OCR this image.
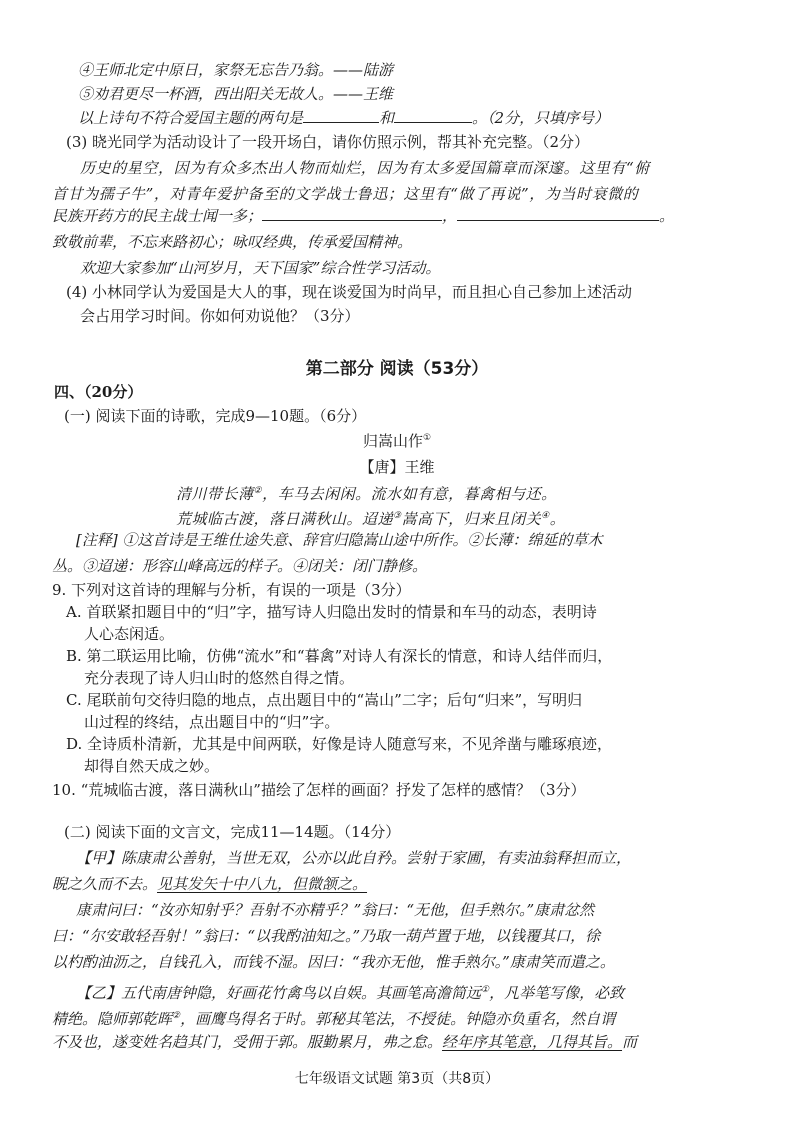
④王师北定中原日，家祭无忘告乃翁。——陆游
⑤劝君更尽一杯酒，西出阳关无故人。——王维
以上诗句不符合爱国主题的两句是	和	。（2分，只填序号）
(3) 晓光同学为活动设计了一段开场白，请你仿照示例，帮其补充完整。（2分）
历史的星空，因为有众多杰出人物而灿烂，因为有太多爱国篇章而深邃。这里有“俯
首甘为孺子牛”，对青年爱护备至的文学战士鲁迅；这里有“做了再说”，为当时衰微的
民族开药方的民主战士闻一多；	，	。
致敬前辈，不忘来路初心；咏叹经典，传承爱国精神。
欢迎大家参加“山河岁月，天下国家”综合性学习活动。
(4) 小林同学认为爱国是大人的事，现在谈爱国为时尚早，而且担心自己参加上述活动
会占用学习时间。你如何劝说他？（3分）
第二部分 阅读（53分）
四、（20分）
(一) 阅读下面的诗歌，完成9—10题。（6分）
归嵩山作①
【唐】王维
清川带长薄②，车马去闲闲。流水如有意，暮禽相与还。
荒城临古渡，落日满秋山。迢递③嵩高下，归来且闭关④。
[注释] ①这首诗是王维仕途失意、辞官归隐嵩山途中所作。②长薄：绵延的草木
丛。③迢递：形容山峰高远的样子。④闭关：闭门静修。
9. 下列对这首诗的理解与分析，有误的一项是（3分）
A. 首联紧扣题目中的“归”字，描写诗人归隐出发时的情景和车马的动态，表明诗
人心态闲适。
B. 第二联运用比喻，仿佛“流水”和“暮禽”对诗人有深长的情意，和诗人结伴而归，
充分表现了诗人归山时的悠然自得之情。
C. 尾联前句交待归隐的地点，点出题目中的“嵩山”二字；后句“归来”，写明归
山过程的终结，点出题目中的“归”字。
D. 全诗质朴清新，尤其是中间两联，好像是诗人随意写来，不见斧凿与雕琢痕迹，
却得自然天成之妙。
10. “荒城临古渡，落日满秋山”描绘了怎样的画面？抒发了怎样的感情？（3分）
(二) 阅读下面的文言文，完成11—14题。（14分）
【甲】陈康肃公善射，当世无双，公亦以此自矜。尝射于家圃，有卖油翁释担而立，
睨之久而不去。见其发矢十中八九，但微颔之。
康肃问曰：“汝亦知射乎？吾射不亦精乎？”翁曰：“无他，但手熟尔。”康肃忿然
曰：“尔安敢轻吾射！”翁曰：“以我酌油知之。”乃取一葫芦置于地，以钱覆其口，徐
以杓酌油沥之，自钱孔入，而钱不湿。因曰：“我亦无他，惟手熟尔。”康肃笑而遣之。
【乙】五代南唐钟隐，好画花竹禽鸟以自娱。其画笔高澹简远①，凡举笔写像，必致
精绝。隐师郭乾晖②，画鹰鸟得名于时。郭秘其笔法，不授徒。钟隐亦负重名，然自谓
不及也，遂变姓名趋其门，受佣于郭。服勤累月，弗之怠。经年序其笔意，几得其旨。而
七年级语文试题 第3页（共8页）
